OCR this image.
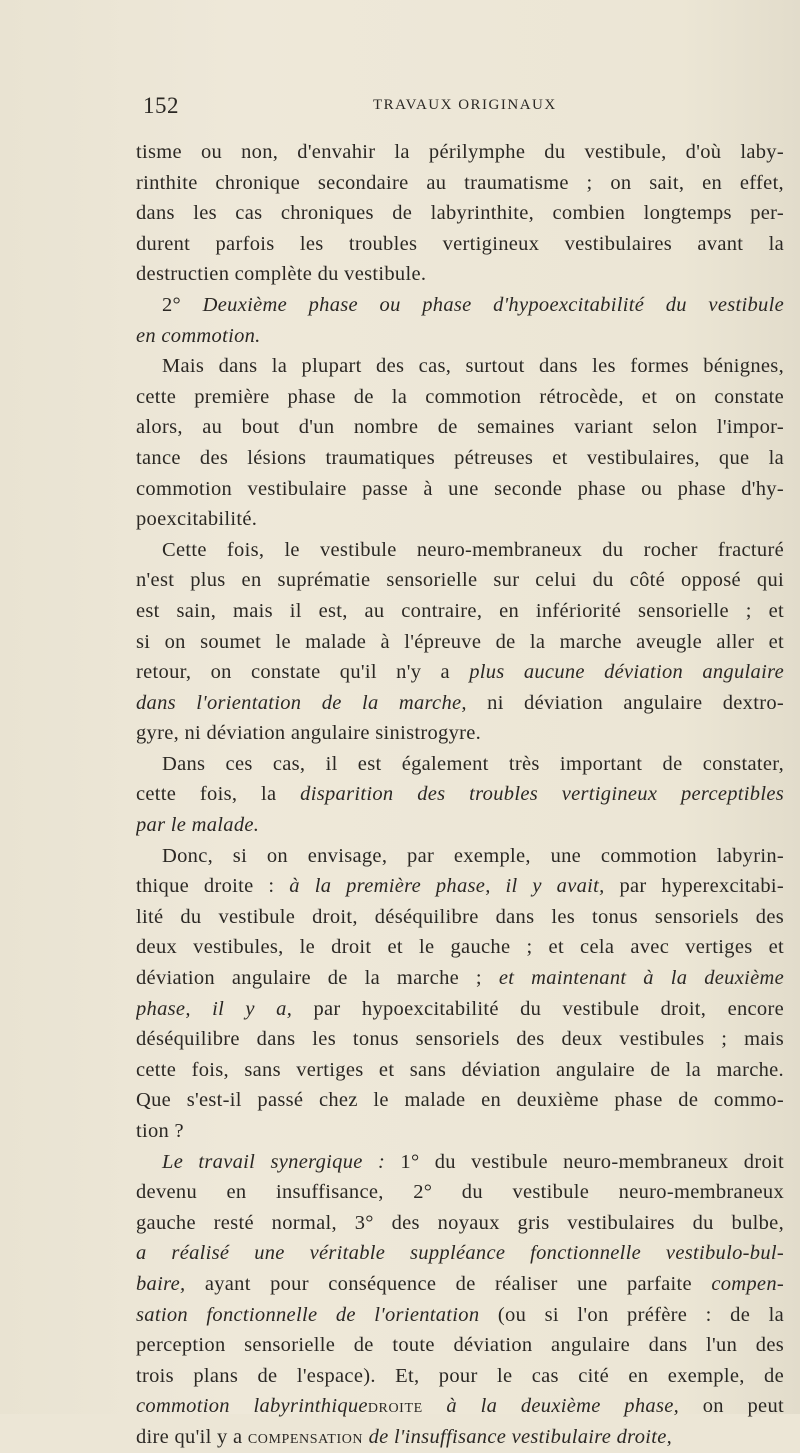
152	TRAVAUX ORIGINAUX
tisme ou non, d'envahir la périlymphe du vestibule, d'où laby-
rinthite chronique secondaire au traumatisme ; on sait, en effet,
dans les cas chroniques de labyrinthite, combien longtemps per-
durent parfois les troubles vertigineux vestibulaires avant la
destructien complète du vestibule.
2° Deuxième phase ou phase d'hypoexcitabilité du vestibule
en commotion.
Mais dans la plupart des cas, surtout dans les formes bénignes,
cette première phase de la commotion rétrocède, et on constate
alors, au bout d'un nombre de semaines variant selon l'impor-
tance des lésions traumatiques pétreuses et vestibulaires, que la
commotion vestibulaire passe à une seconde phase ou phase d'hy-
poexcitabilité.
Cette fois, le vestibule neuro-membraneux du rocher fracturé
n'est plus en suprématie sensorielle sur celui du côté opposé qui
est sain, mais il est, au contraire, en infériorité sensorielle ; et
si on soumet le malade à l'épreuve de la marche aveugle aller et
retour, on constate qu'il n'y a plus aucune déviation angulaire
dans l'orientation de la marche, ni déviation angulaire dextro-
gyre, ni déviation angulaire sinistrogyre.
Dans ces cas, il est également très important de constater,
cette fois, la disparition des troubles vertigineux perceptibles
par le malade.
Donc, si on envisage, par exemple, une commotion labyrin-
thique droite : à la première phase, il y avait, par hyperexcitabi-
lité du vestibule droit, déséquilibre dans les tonus sensoriels des
deux vestibules, le droit et le gauche ; et cela avec vertiges et
déviation angulaire de la marche ; et maintenant à la deuxième
phase, il y a, par hypoexcitabilité du vestibule droit, encore
déséquilibre dans les tonus sensoriels des deux vestibules ; mais
cette fois, sans vertiges et sans déviation angulaire de la marche.
Que s'est-il passé chez le malade en deuxième phase de commo-
tion ?
Le travail synergique : 1° du vestibule neuro-membraneux droit
devenu en insuffisance, 2° du vestibule neuro-membraneux
gauche resté normal, 3° des noyaux gris vestibulaires du bulbe,
a réalisé une véritable suppléance fonctionnelle vestibulo-bul-
baire, ayant pour conséquence de réaliser une parfaite compen-
sation fonctionnelle de l'orientation (ou si l'on préfère : de la
perception sensorielle de toute déviation angulaire dans l'un des
trois plans de l'espace). Et, pour le cas cité en exemple, de
commotion labyrinthiquedroite à la deuxième phase, on peut
dire qu'il y a compensation de l'insuffisance vestibulaire droite,
